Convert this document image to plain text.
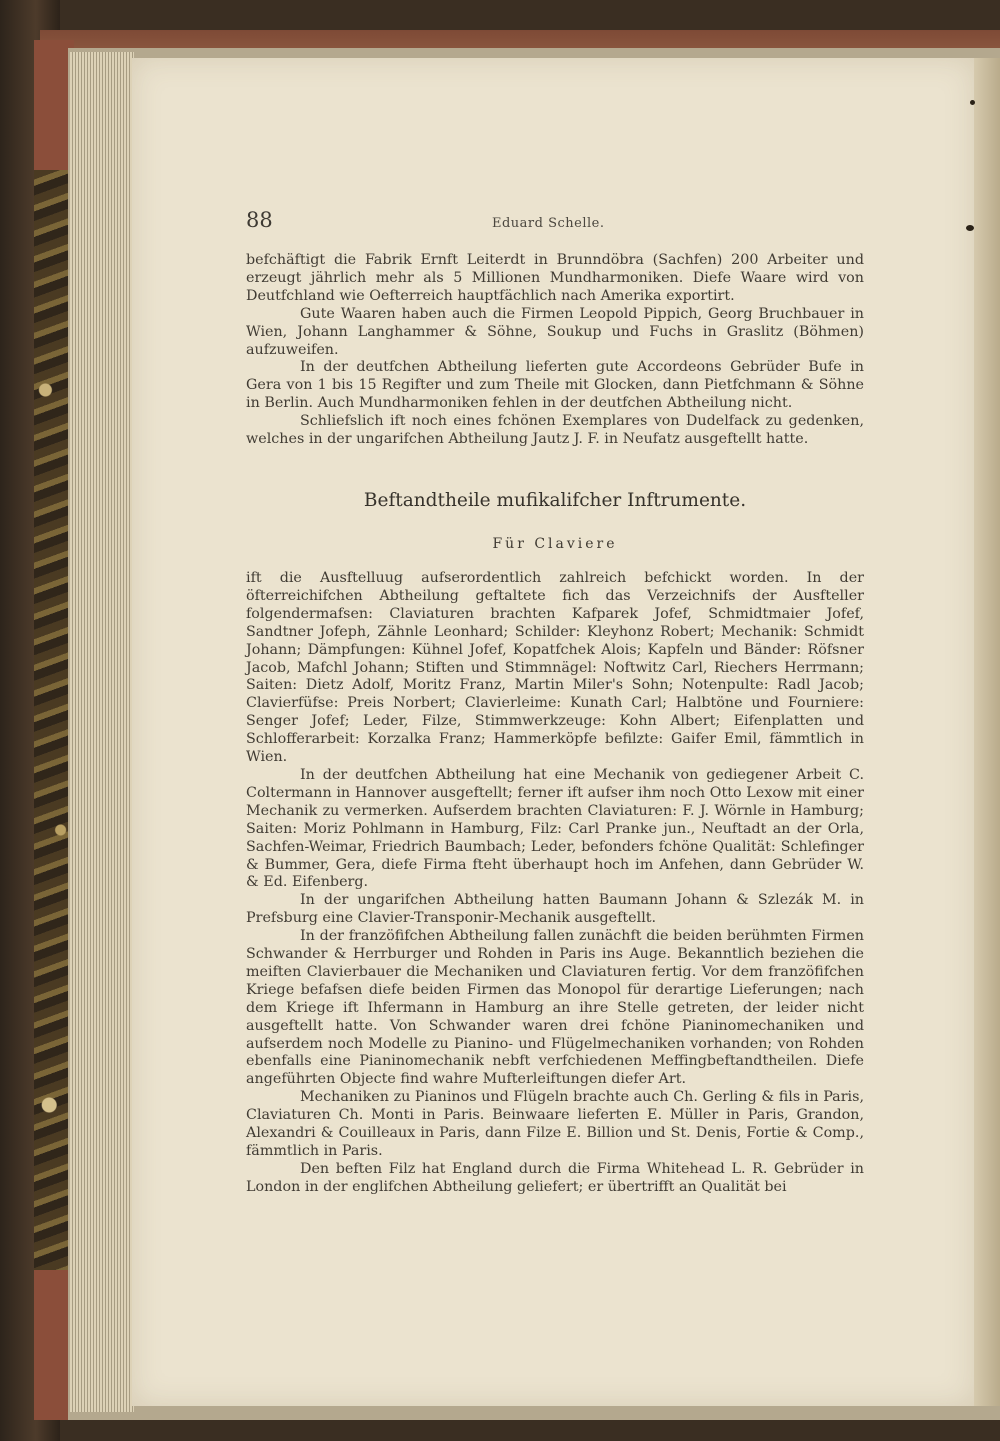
88	Eduard Schelle.

befchäftigt die Fabrik Ernft Leiterdt in Brunndöbra (Sachfen) 200 Arbeiter und erzeugt jährlich mehr als 5 Millionen Mundharmoniken. Diefe Waare wird von Deutfchland wie Oefterreich hauptfächlich nach Amerika exportirt.

Gute Waaren haben auch die Firmen Leopold Pippich, Georg Bruchbauer in Wien, Johann Langhammer & Söhne, Soukup und Fuchs in Graslitz (Böhmen) aufzuweifen.

In der deutfchen Abtheilung lieferten gute Accordeons Gebrüder Bufe in Gera von 1 bis 15 Regifter und zum Theile mit Glocken, dann Pietfchmann & Söhne in Berlin. Auch Mundharmoniken fehlen in der deutfchen Abtheilung nicht.

Schliefslich ift noch eines fchönen Exemplares von Dudelfack zu gedenken, welches in der ungarifchen Abtheilung Jautz J. F. in Neufatz ausgeftellt hatte.

Beftandtheile mufikalifcher Inftrumente.
Für Claviere

ift die Ausftelluug aufserordentlich zahlreich befchickt worden. In der öfterreichifchen Abtheilung geftaltete fich das Verzeichnifs der Ausfteller folgendermafsen: Claviaturen brachten Kafparek Jofef, Schmidtmaier Jofef, Sandtner Jofeph, Zähnle Leonhard; Schilder: Kleyhonz Robert; Mechanik: Schmidt Johann; Dämpfungen: Kühnel Jofef, Kopatfchek Alois; Kapfeln und Bänder: Röfsner Jacob, Mafchl Johann; Stiften und Stimmnägel: Noftwitz Carl, Riechers Herrmann; Saiten: Dietz Adolf, Moritz Franz, Martin Miler's Sohn; Notenpulte: Radl Jacob; Clavierfüfse: Preis Norbert; Clavierleime: Kunath Carl; Halbtöne und Fourniere: Senger Jofef; Leder, Filze, Stimmwerkzeuge: Kohn Albert; Eifenplatten und Schlofferarbeit: Korzalka Franz; Hammerköpfe befilzte: Gaifer Emil, fämmtlich in Wien.

In der deutfchen Abtheilung hat eine Mechanik von gediegener Arbeit C. Coltermann in Hannover ausgeftellt; ferner ift aufser ihm noch Otto Lexow mit einer Mechanik zu vermerken. Aufserdem brachten Claviaturen: F. J. Wörnle in Hamburg; Saiten: Moriz Pohlmann in Hamburg, Filz: Carl Pranke jun., Neuftadt an der Orla, Sachfen-Weimar, Friedrich Baumbach; Leder, befonders fchöne Qualität: Schlefinger & Bummer, Gera, diefe Firma fteht überhaupt hoch im Anfehen, dann Gebrüder W. & Ed. Eifenberg.

In der ungarifchen Abtheilung hatten Baumann Johann & Szlezák M. in Prefsburg eine Clavier-Transponir-Mechanik ausgeftellt.

In der franzöfifchen Abtheilung fallen zunächft die beiden berühmten Firmen Schwander & Herrburger und Rohden in Paris ins Auge. Bekanntlich beziehen die meiften Clavierbauer die Mechaniken und Claviaturen fertig. Vor dem franzöfifchen Kriege befafsen diefe beiden Firmen das Monopol für derartige Lieferungen; nach dem Kriege ift Ihfermann in Hamburg an ihre Stelle getreten, der leider nicht ausgeftellt hatte. Von Schwander waren drei fchöne Pianinomechaniken und aufserdem noch Modelle zu Pianino- und Flügelmechaniken vorhanden; von Rohden ebenfalls eine Pianinomechanik nebft verfchiedenen Meffingbeftandtheilen. Diefe angeführten Objecte find wahre Mufterleiftungen diefer Art.

Mechaniken zu Pianinos und Flügeln brachte auch Ch. Gerling & fils in Paris, Claviaturen Ch. Monti in Paris. Beinwaare lieferten E. Müller in Paris, Grandon, Alexandri & Couilleaux in Paris, dann Filze E. Billion und St. Denis, Fortie & Comp., fämmtlich in Paris.

Den beften Filz hat England durch die Firma Whitehead L. R. Gebrüder in London in der englifchen Abtheilung geliefert; er übertrifft an Qualität bei
